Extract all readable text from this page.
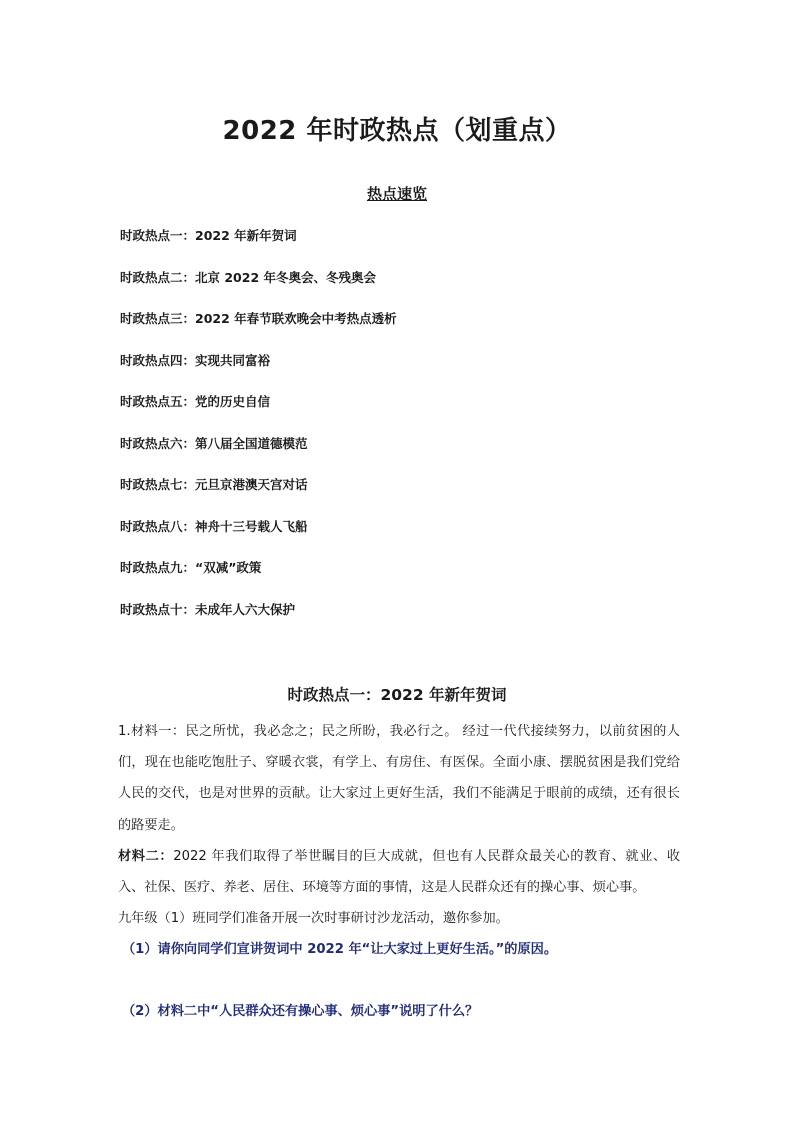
2022 年时政热点（划重点）
热点速览
时政热点一：2022 年新年贺词
时政热点二：北京 2022 年冬奥会、冬残奥会
时政热点三：2022 年春节联欢晚会中考热点透析
时政热点四：实现共同富裕
时政热点五：党的历史自信
时政热点六：第八届全国道德模范
时政热点七：元旦京港澳天宫对话
时政热点八：神舟十三号载人飞船
时政热点九：“双减”政策
时政热点十：未成年人六大保护
时政热点一：2022 年新年贺词

1.材料一：民之所忧，我必念之；民之所盼，我必行之。 经过一代代接续努力，以前贫困的人们，现在也能吃饱肚子、穿暖衣裳，有学上、有房住、有医保。全面小康、摆脱贫困是我们党给人民的交代，也是对世界的贡献。让大家过上更好生活，我们不能满足于眼前的成绩，还有很长的路要走。

材料二：2022 年我们取得了举世瞩目的巨大成就，但也有人民群众最关心的教育、就业、收入、社保、医疗、养老、居住、环境等方面的事情，这是人民群众还有的操心事、烦心事。

九年级（1）班同学们准备开展一次时事研讨沙龙活动，邀你参加。

（1）请你向同学们宣讲贺词中 2022 年“让大家过上更好生活。”的原因。
（2）材料二中“人民群众还有操心事、烦心事”说明了什么？
